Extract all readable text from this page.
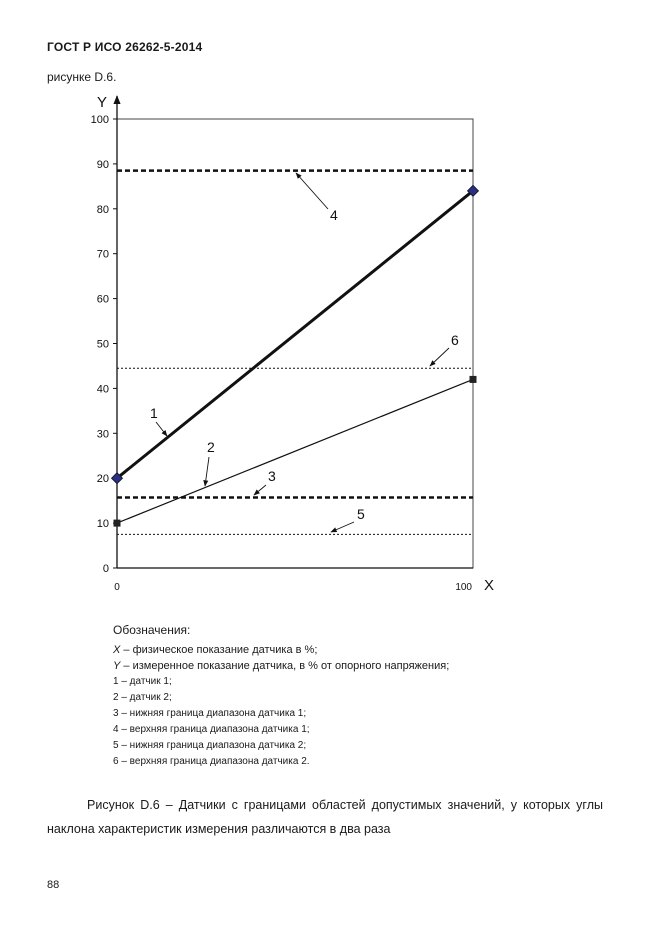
ГОСТ Р ИСО 26262-5-2014
рисунке D.6.
Y
X
0
10
20
30
40
50
60
70
80
90
100
0	100
1
2
3
4
5
6
Обозначения:
X – физическое показание датчика в %;
Y – измеренное показание датчика, в % от опорного напряжения;
1 – датчик 1;
2 – датчик 2;
3 – нижняя граница диапазона датчика 1;
4 – верхняя граница диапазона датчика 1;
5 – нижняя граница диапазона датчика 2;
6 – верхняя граница диапазона датчика 2.
Рисунок D.6 – Датчики с границами областей допустимых значений, у которых углы наклона характеристик измерения различаются в два раза
88
